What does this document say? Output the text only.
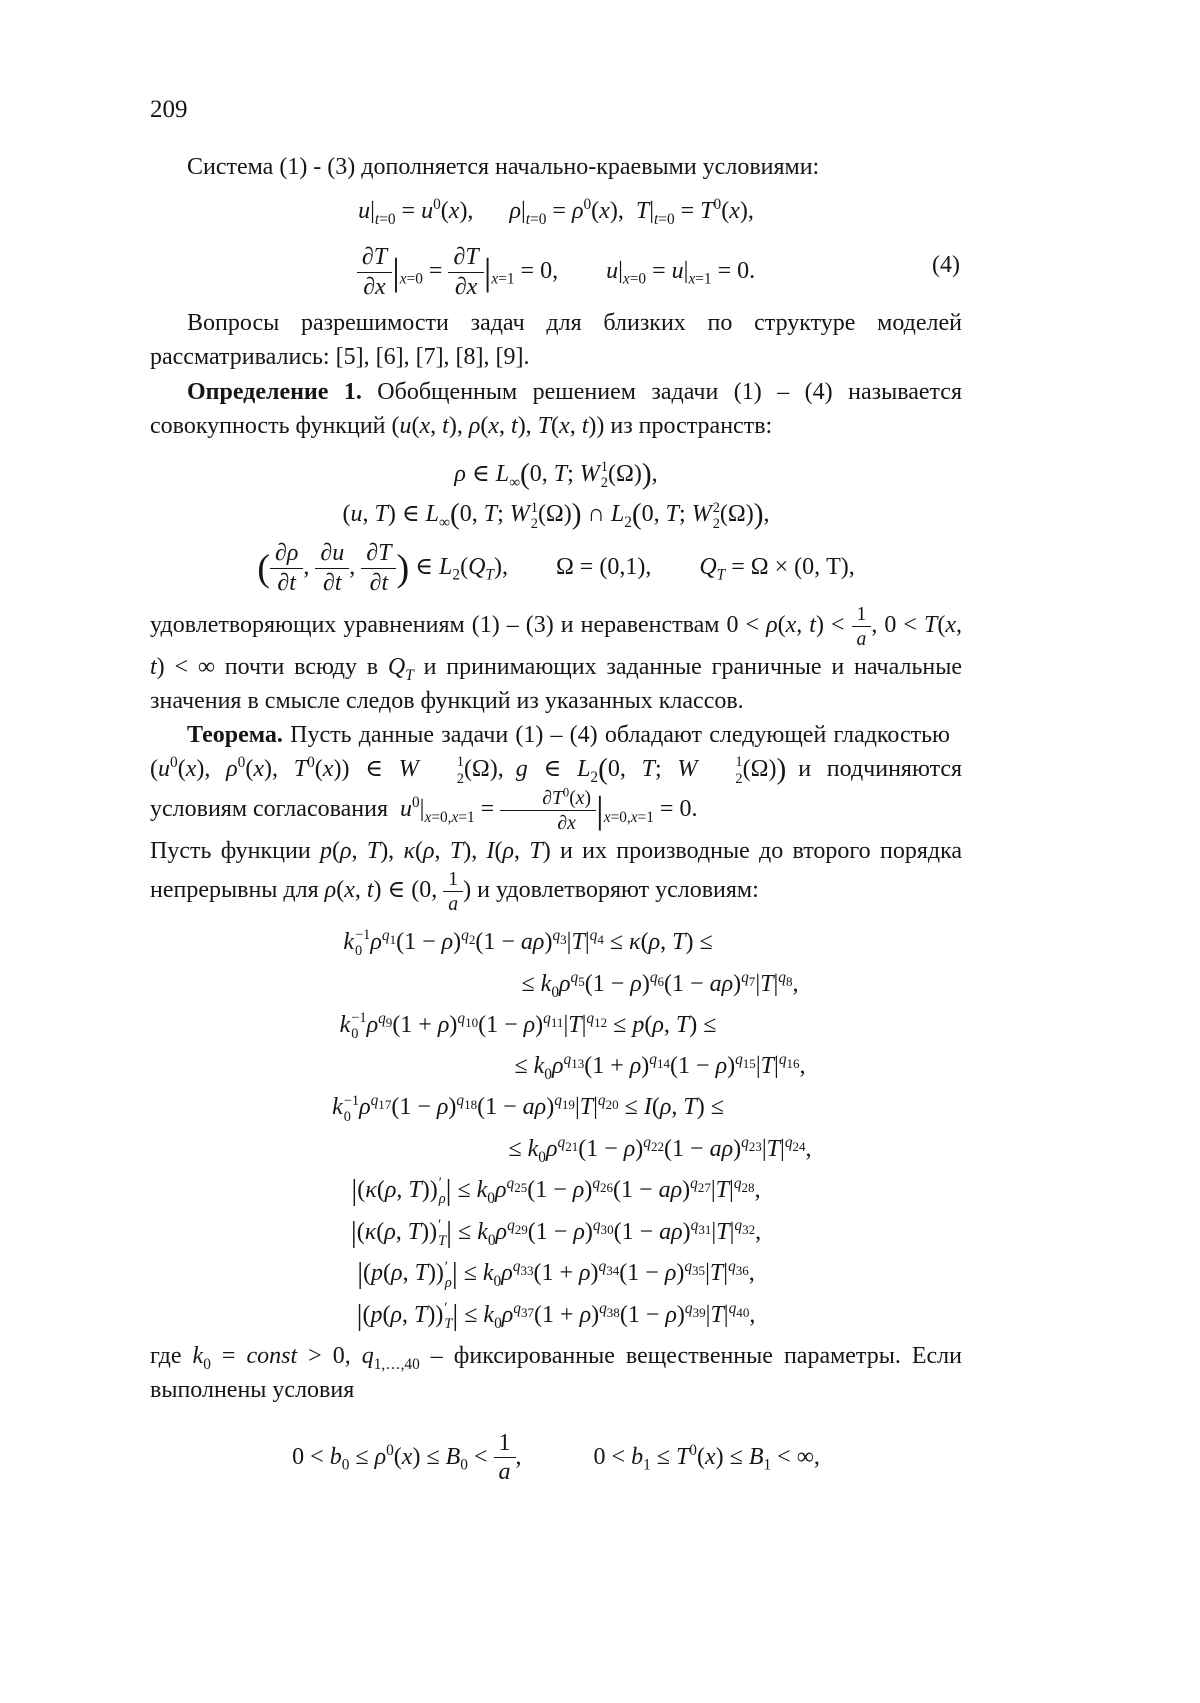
209

Система (1) - (3) дополняется начально-краевыми условиями:

$u|_{t=0} = u^0(x)$,  $\rho|_{t=0} = \rho^0(x)$, $T|_{t=0} = T^0(x)$,
$\frac{\partial T}{\partial x} |_{x=0} = \frac{\partial T}{\partial x} |_{x=1} = 0$,  $u|_{x=0} = u|_{x=1} = 0$.	(4)

Вопросы разрешимости задач для близких по структуре моделей рассматривались: [5], [6], [7], [8], [9].

Определение 1. Обобщенным решением задачи (1) – (4) называется совокупность функций (u(x, t), ρ(x, t), T(x, t)) из пространств:

ρ ∈ $L_\infty(0$, T; W 1
2 (Ω)),
(u, T) ∈ $L_\infty(0$, T; W 1
2 (Ω)) ∩ $L_2(0$, T; W 2
2 (Ω)),
( $\frac{\partial\rho}{\partial t}$ , $\frac{\partial u}{\partial t}$ , $\frac{\partial T}{\partial t}$ ) ∈ $L_2(Q_T)$,  Ω = (0,1),  $Q_T = \Omega \times (0$, T),

удовлетворяющих уравнениям (1) – (3) и неравенствам 0 < ρ(x, $t) < \frac{1}{a}$ , 0 < T(x, t) < ∞ почти всюду в $Q_T$ и принимающих заданные граничные и начальные значения в смысле следов функций из указанных классов.

Теорема. Пусть данные задачи (1) – (4) обладают следующей гладкостью ($u^0(x)$, $\rho^0(x)$, $T^0(x)$) ∈ W	1
2 (Ω), g ∈ $L_2(0$, T; W	1
2 (Ω)) и подчиняются условиям согласования $u^0|_{x=0,x=1} = \frac{\partial T^0(x)}{\partial x} |_{x=0,x=1} = 0$.

Пусть функции p(ρ, T), κ(ρ, T), I(ρ, T) и их производные до второго порядка непрерывны для ρ(x, t) ∈ (0, $\frac{1}{a}$ ) и удовлетворяют условиям:

k −1
0 $\rho^{q_1}(1 - \rho)^{q_2}(1 - a\rho)^{q_3}|T|^{q_4} \le \kappa(\rho$, T) ≤
≤ $k_0\rho^{q_5}(1 - \rho)^{q_6}(1 - a\rho)^{q_7}|T|^{q_8}$,
k −1
0 $\rho^{q_9}(1 + \rho)^{q_{10}}(1 - \rho)^{q_{11}}|T|^{q_{12}} \le p(\rho$, T) ≤
≤ $k_0\rho^{q_{13}}(1 + \rho)^{q_{14}}(1 - \rho)^{q_{15}}|T|^{q_{16}}$,
k −1
0 $\rho^{q_{17}}(1 - \rho)^{q_{18}}(1 - a\rho)^{q_{19}}|T|^{q_{20}} \le I(\rho$, T) ≤
≤ $k_0\rho^{q_{21}}(1 - \rho)^{q_{22}}(1 - a\rho)^{q_{23}}|T|^{q_{24}}$,
|(κ(ρ, T)) ′
ρ | ≤ $k_0\rho^{q_{25}}(1 - \rho)^{q_{26}}(1 - a\rho)^{q_{27}}|T|^{q_{28}}$,
|(κ(ρ, T)) ′
T | ≤ $k_0\rho^{q_{29}}(1 - \rho)^{q_{30}}(1 - a\rho)^{q_{31}}|T|^{q_{32}}$,
|(p(ρ, T)) ′
ρ | ≤ $k_0\rho^{q_{33}}(1 + \rho)^{q_{34}}(1 - \rho)^{q_{35}}|T|^{q_{36}}$,
|(p(ρ, T)) ′
T | ≤ $k_0\rho^{q_{37}}(1 + \rho)^{q_{38}}(1 - \rho)^{q_{39}}|T|^{q_{40}}$,

где $k_0$ = const > 0, $q_{1,\dots,40}$ – фиксированные вещественные параметры. Если выполнены условия

$0 < b_0 \le \rho^0(x) \le B_0 < \frac{1}{a}$ ,   $0 < b_1 \le T^0(x) \le B_1$ < ∞,
